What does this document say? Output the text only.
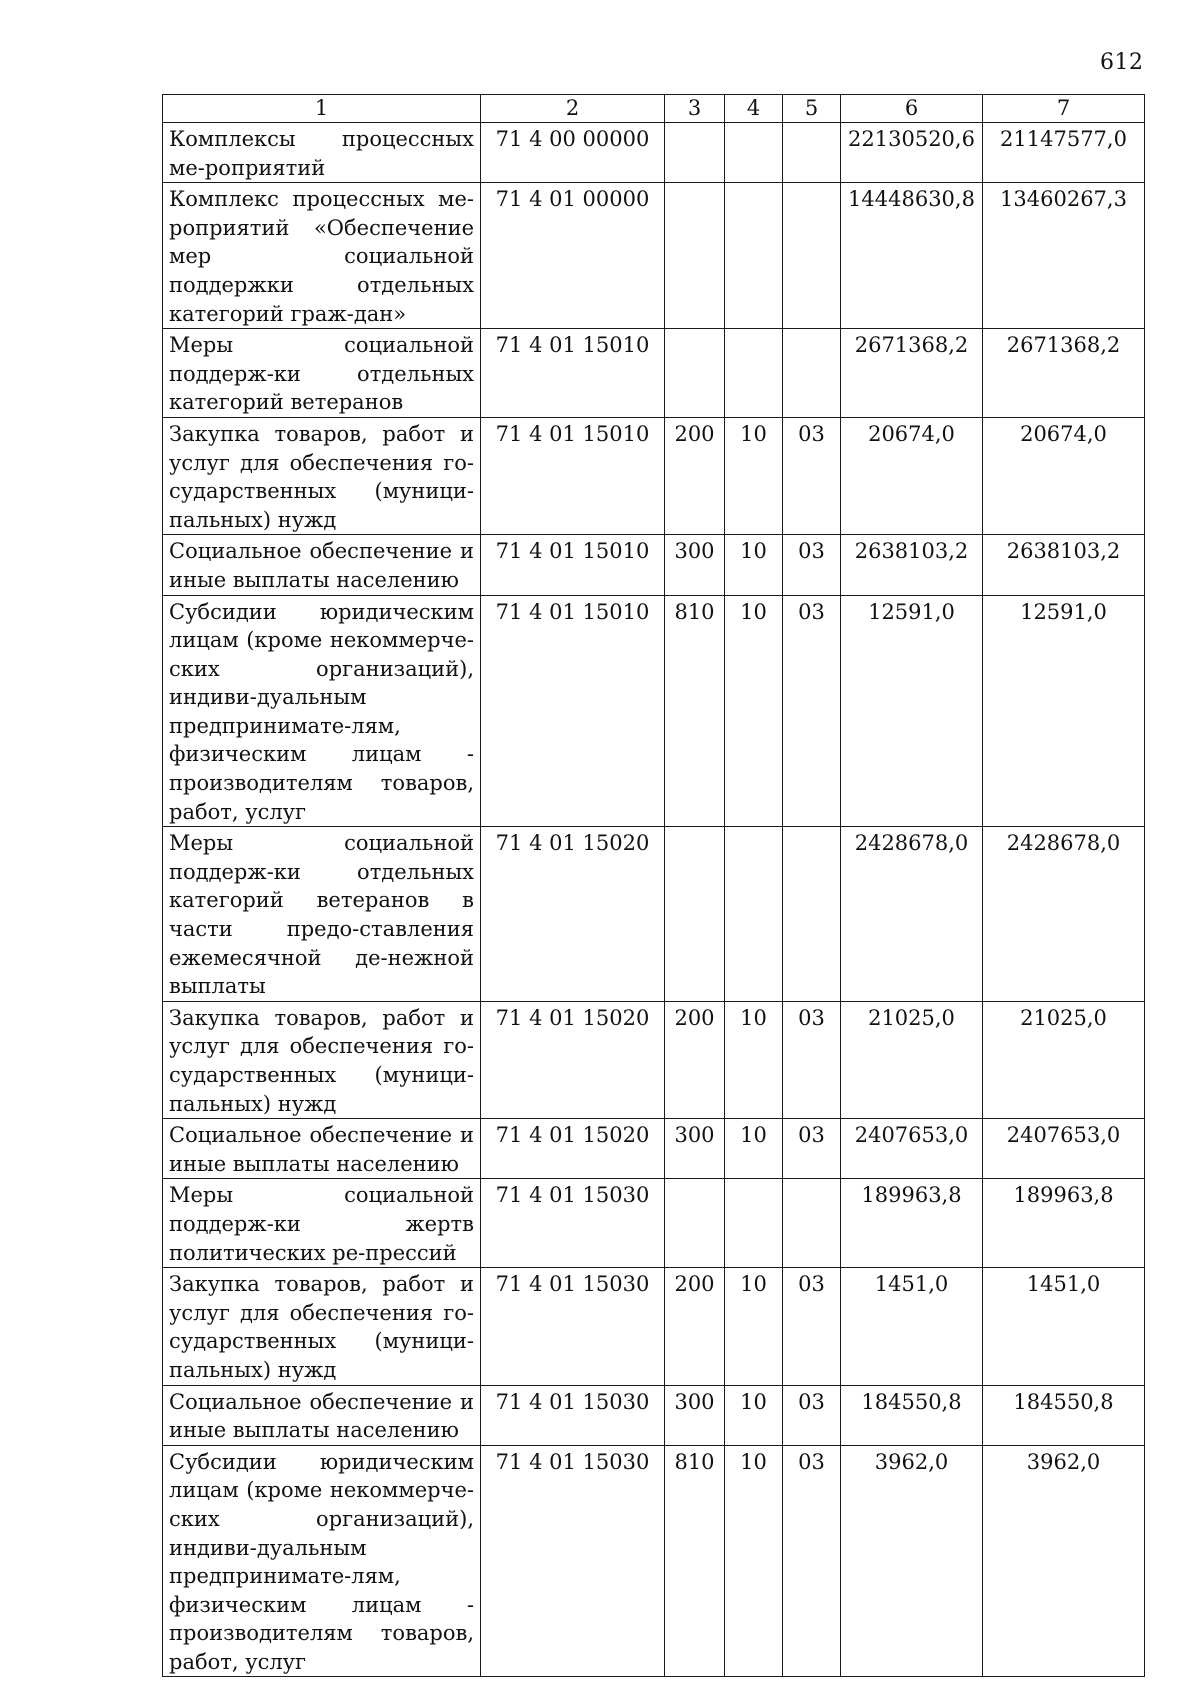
612
1	2	3	4	5	6	7
Комплексы процессных ме-роприятий	71 4 00 00000				22130520,6	21147577,0
Комплекс процессных ме-роприятий «Обеспечение мер социальной поддержки отдельных категорий граж-дан»	71 4 01 00000				14448630,8	13460267,3
Меры социальной поддерж-ки отдельных категорий ветеранов	71 4 01 15010				2671368,2	2671368,2
Закупка товаров, работ и услуг для обеспечения го-сударственных (муници-пальных) нужд	71 4 01 15010	200	10	03	20674,0	20674,0
Социальное обеспечение и иные выплаты населению	71 4 01 15010	300	10	03	2638103,2	2638103,2
Субсидии юридическим лицам (кроме некоммерче-ских организаций), индиви-дуальным предпринимате-лям, физическим лицам - производителям товаров, работ, услуг	71 4 01 15010	810	10	03	12591,0	12591,0
Меры социальной поддерж-ки отдельных категорий ветеранов в части предо-ставления ежемесячной де-нежной выплаты	71 4 01 15020				2428678,0	2428678,0
Закупка товаров, работ и услуг для обеспечения го-сударственных (муници-пальных) нужд	71 4 01 15020	200	10	03	21025,0	21025,0
Социальное обеспечение и иные выплаты населению	71 4 01 15020	300	10	03	2407653,0	2407653,0
Меры социальной поддерж-ки жертв политических ре-прессий	71 4 01 15030				189963,8	189963,8
Закупка товаров, работ и услуг для обеспечения го-сударственных (муници-пальных) нужд	71 4 01 15030	200	10	03	1451,0	1451,0
Социальное обеспечение и иные выплаты населению	71 4 01 15030	300	10	03	184550,8	184550,8
Субсидии юридическим лицам (кроме некоммерче-ских организаций), индиви-дуальным предпринимате-лям, физическим лицам - производителям товаров, работ, услуг	71 4 01 15030	810	10	03	3962,0	3962,0
